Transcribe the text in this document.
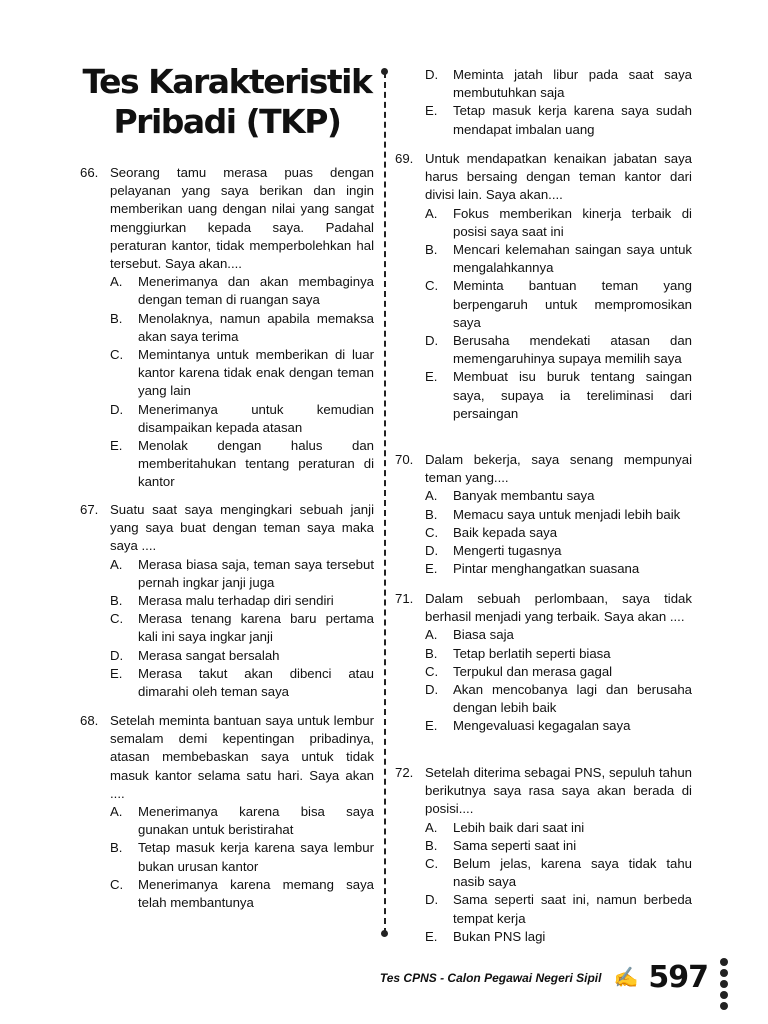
Tes Karakteristik
Pribadi (TKP)
66. Seorang tamu merasa puas dengan pelayanan yang saya berikan dan ingin memberikan uang dengan nilai yang sangat menggiurkan kepada saya. Padahal peraturan kantor, tidak memperbolehkan hal tersebut. Saya akan....
A.	Menerimanya dan akan membaginya dengan teman di ruangan saya
B.	Menolaknya, namun apabila memaksa akan saya terima
C.	Memintanya untuk memberikan di luar kantor karena tidak enak dengan teman yang lain
D.	Menerimanya untuk kemudian disampaikan kepada atasan
E.	Menolak dengan halus dan memberitahukan tentang peraturan di kantor
67. Suatu saat saya mengingkari sebuah janji yang saya buat dengan teman saya maka saya ....
A.	Merasa biasa saja, teman saya tersebut pernah ingkar janji juga
B.	Merasa malu terhadap diri sendiri
C.	Merasa tenang karena baru pertama kali ini saya ingkar janji
D.	Merasa sangat bersalah
E.	Merasa takut akan dibenci atau dimarahi oleh teman saya
68. Setelah meminta bantuan saya untuk lembur semalam demi kepentingan pribadinya, atasan membebaskan saya untuk tidak masuk kantor selama satu hari. Saya akan ....
A.	Menerimanya karena bisa saya gunakan untuk beristirahat
B.	Tetap masuk kerja karena saya lembur bukan urusan kantor
C.	Menerimanya karena memang saya telah membantunya
D.	Meminta jatah libur pada saat saya membutuhkan saja
E.	Tetap masuk kerja karena saya sudah mendapat imbalan uang
69. Untuk mendapatkan kenaikan jabatan saya harus bersaing dengan teman kantor dari divisi lain. Saya akan....
A.	Fokus memberikan kinerja terbaik di posisi saya saat ini
B.	Mencari kelemahan saingan saya untuk mengalahkannya
C.	Meminta bantuan teman yang berpengaruh untuk mempromosikan saya
D.	Berusaha mendekati atasan dan memengaruhinya supaya memilih saya
E.	Membuat isu buruk tentang saingan saya, supaya ia tereliminasi dari persaingan
70. Dalam bekerja, saya senang mempunyai teman yang....
A.	Banyak membantu saya
B.	Memacu saya untuk menjadi lebih baik
C.	Baik kepada saya
D.	Mengerti tugasnya
E.	Pintar menghangatkan suasana
71. Dalam sebuah perlombaan, saya tidak berhasil menjadi yang terbaik. Saya akan ....
A.	Biasa saja
B.	Tetap berlatih seperti biasa
C.	Terpukul dan merasa gagal
D.	Akan mencobanya lagi dan berusaha dengan lebih baik
E.	Mengevaluasi kegagalan saya
72. Setelah diterima sebagai PNS, sepuluh tahun berikutnya saya rasa saya akan berada di posisi....
A.	Lebih baik dari saat ini
B.	Sama seperti saat ini
C.	Belum jelas, karena saya tidak tahu nasib saya
D.	Sama seperti saat ini, namun berbeda tempat kerja
E.	Bukan PNS lagi
Tes CPNS - Calon Pegawai Negeri Sipil ✍ 597
